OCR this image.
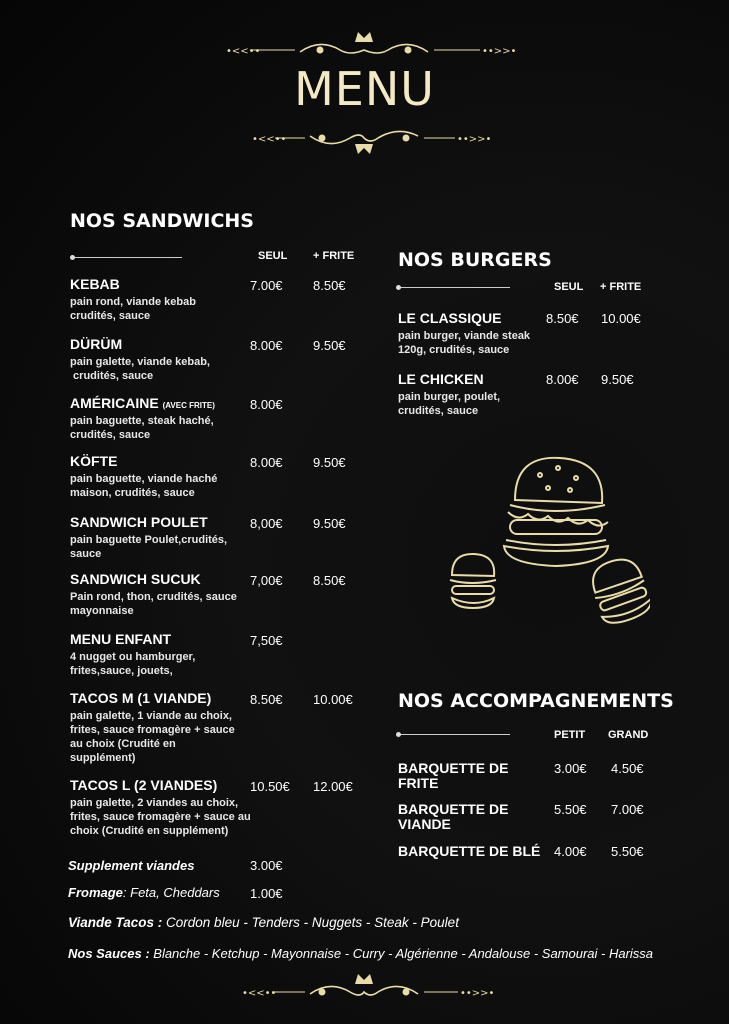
•<<••	••>>•
MENU
•<<••	••>>•
NOS SANDWICHS
SEUL + FRITE
KEBAB
pain rond, viande kebab
crudités, sauce
7.00€ 8.50€
DÜRÜM
pain galette, viande kebab,
crudités, sauce
8.00€ 9.50€
AMÉRICAINE (AVEC FRITE)
pain baguette, steak haché,
crudités, sauce
8.00€
KÖFTE
pain baguette, viande haché
maison, crudités, sauce
8.00€ 9.50€
SANDWICH POULET
pain baguette Poulet,crudités,
sauce
8,00€ 9.50€
SANDWICH SUCUK
Pain rond, thon, crudités, sauce
mayonnaise
7,00€ 8.50€
MENU ENFANT
4 nugget ou hamburger,
frites,sauce, jouets,
7,50€
TACOS M (1 VIANDE)
pain galette, 1 viande au choix,
frites, sauce fromagère + sauce
au choix (Crudité en
supplément)
8.50€ 10.00€
TACOS L (2 VIANDES)
pain galette, 2 viandes au choix,
frites, sauce fromagère + sauce au
choix (Crudité en supplément)
10.50€ 12.00€
Supplement viandes	3.00€
Fromage: Feta, Cheddars 1.00€
NOS BURGERS
SEUL + FRITE
LE CLASSIQUE
pain burger, viande steak
120g, crudités, sauce
8.50€ 10.00€
LE CHICKEN
pain burger, poulet,
crudités, sauce
8.00€ 9.50€
NOS ACCOMPAGNEMENTS
PETIT GRAND
BARQUETTE DE
FRITE
3.00€ 4.50€
BARQUETTE DE
VIANDE
5.50€ 7.00€
BARQUETTE DE BLÉ 4.00€ 5.50€
Viande Tacos : Cordon bleu - Tenders - Nuggets - Steak - Poulet
Nos Sauces : Blanche - Ketchup - Mayonnaise - Curry - Algérienne - Andalouse - Samourai - Harissa
•<<••	••>>•
